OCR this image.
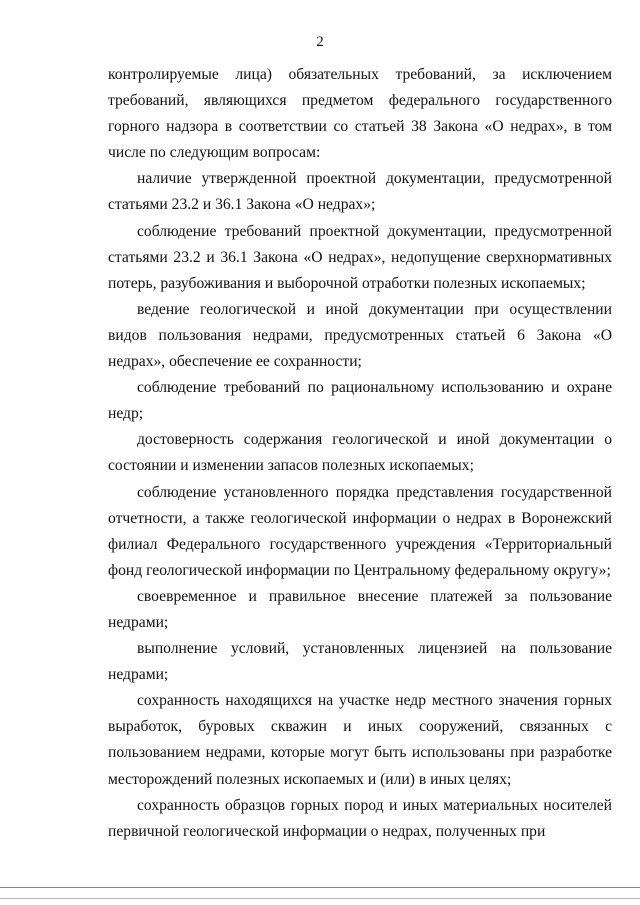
2

контролируемые лица) обязательных требований, за исключением требований, являющихся предметом федерального государственного горного надзора в соответствии со статьей 38 Закона «О недрах», в том числе по следующим вопросам:

наличие утвержденной проектной документации, предусмотренной статьями 23.2 и 36.1 Закона «О недрах»;

соблюдение требований проектной документации, предусмотренной статьями 23.2 и 36.1 Закона «О недрах», недопущение сверхнормативных потерь, разубоживания и выборочной отработки полезных ископаемых;

ведение геологической и иной документации при осуществлении видов пользования недрами, предусмотренных статьей 6 Закона «О недрах», обеспечение ее сохранности;

соблюдение требований по рациональному использованию и охране недр;

достоверность содержания геологической и иной документации о состоянии и изменении запасов полезных ископаемых;

соблюдение установленного порядка представления государственной отчетности, а также геологической информации о недрах в Воронежский филиал Федерального государственного учреждения «Территориальный фонд геологической информации по Центральному федеральному округу»;

своевременное и правильное внесение платежей за пользование недрами;

выполнение условий, установленных лицензией на пользование недрами;

сохранность находящихся на участке недр местного значения горных выработок, буровых скважин и иных сооружений, связанных с пользованием недрами, которые могут быть использованы при разработке месторождений полезных ископаемых и (или) в иных целях;

сохранность образцов горных пород и иных материальных носителей первичной геологической информации о недрах, полученных при
